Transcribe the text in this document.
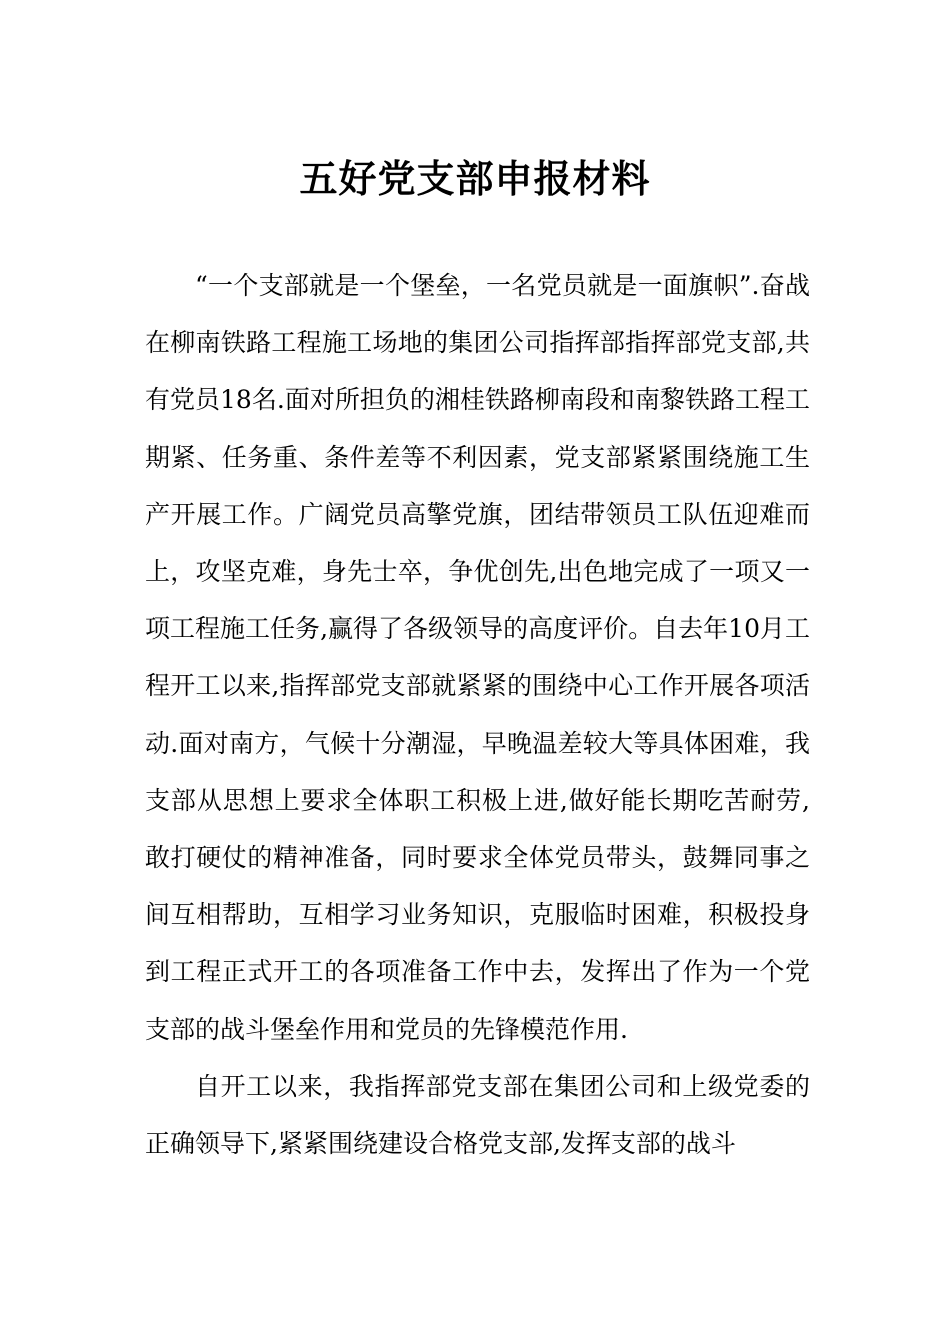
五好党支部申报材料

“一个支部就是一个堡垒，一名党员就是一面旗帜”.奋战在柳南铁路工程施工场地的集团公司指挥部指挥部党支部,共有党员18名.面对所担负的湘桂铁路柳南段和南黎铁路工程工期紧、任务重、条件差等不利因素，党支部紧紧围绕施工生产开展工作。广阔党员高擎党旗，团结带领员工队伍迎难而上，攻坚克难，身先士卒，争优创先,出色地完成了一项又一项工程施工任务,赢得了各级领导的高度评价。自去年10月工程开工以来,指挥部党支部就紧紧的围绕中心工作开展各项活动.面对南方，气候十分潮湿，早晚温差较大等具体困难，我支部从思想上要求全体职工积极上进,做好能长期吃苦耐劳,敢打硬仗的精神准备，同时要求全体党员带头，鼓舞同事之间互相帮助，互相学习业务知识，克服临时困难，积极投身到工程正式开工的各项准备工作中去，发挥出了作为一个党支部的战斗堡垒作用和党员的先锋模范作用.

自开工以来，我指挥部党支部在集团公司和上级党委的正确领导下,紧紧围绕建设合格党支部,发挥支部的战斗
